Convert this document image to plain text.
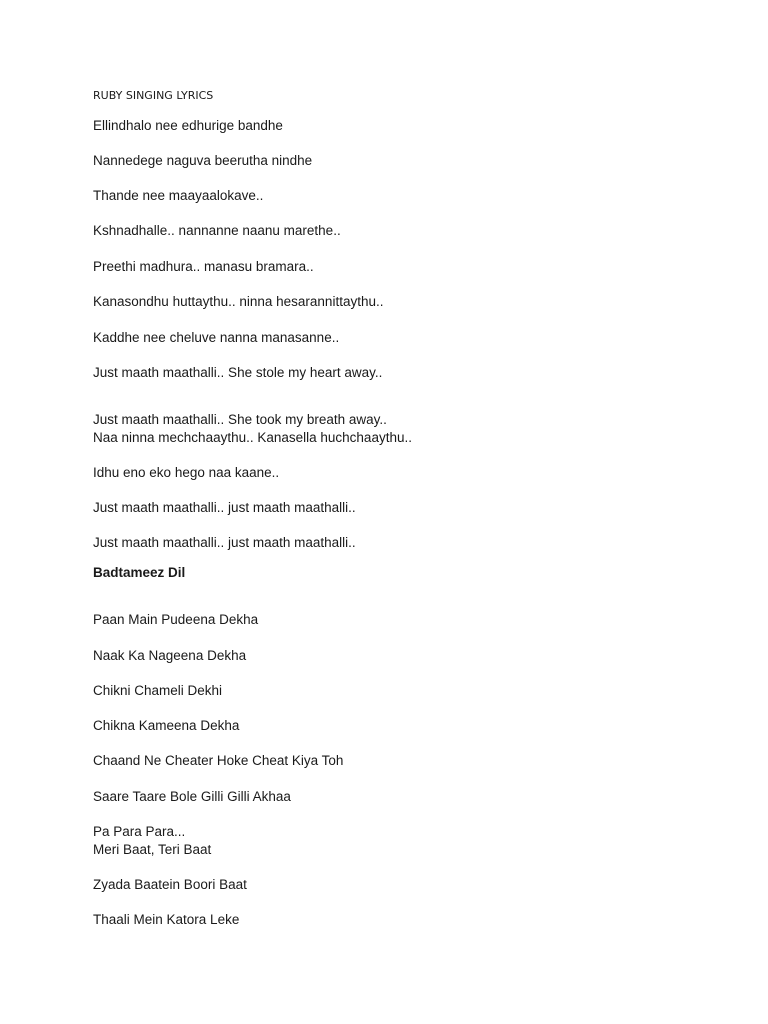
RUBY SINGING LYRICS
Ellindhalo nee edhurige bandhe
Nannedege naguva beerutha nindhe
Thande nee maayaalokave..
Kshnadhalle.. nannanne naanu marethe..
Preethi madhura.. manasu bramara..
Kanasondhu huttaythu.. ninna hesarannittaythu..
Kaddhe nee cheluve nanna manasanne..
Just maath maathalli.. She stole my heart away..
Just maath maathalli.. She took my breath away..
Naa ninna mechchaaythu.. Kanasella huchchaaythu..
Idhu eno eko hego naa kaane..
Just maath maathalli.. just maath maathalli..
Just maath maathalli.. just maath maathalli..
Badtameez Dil
Paan Main Pudeena Dekha
Naak Ka Nageena Dekha
Chikni Chameli Dekhi
Chikna Kameena Dekha
Chaand Ne Cheater Hoke Cheat Kiya Toh
Saare Taare Bole Gilli Gilli Akhaa
Pa Para Para...
Meri Baat, Teri Baat
Zyada Baatein Boori Baat
Thaali Mein Katora Leke
